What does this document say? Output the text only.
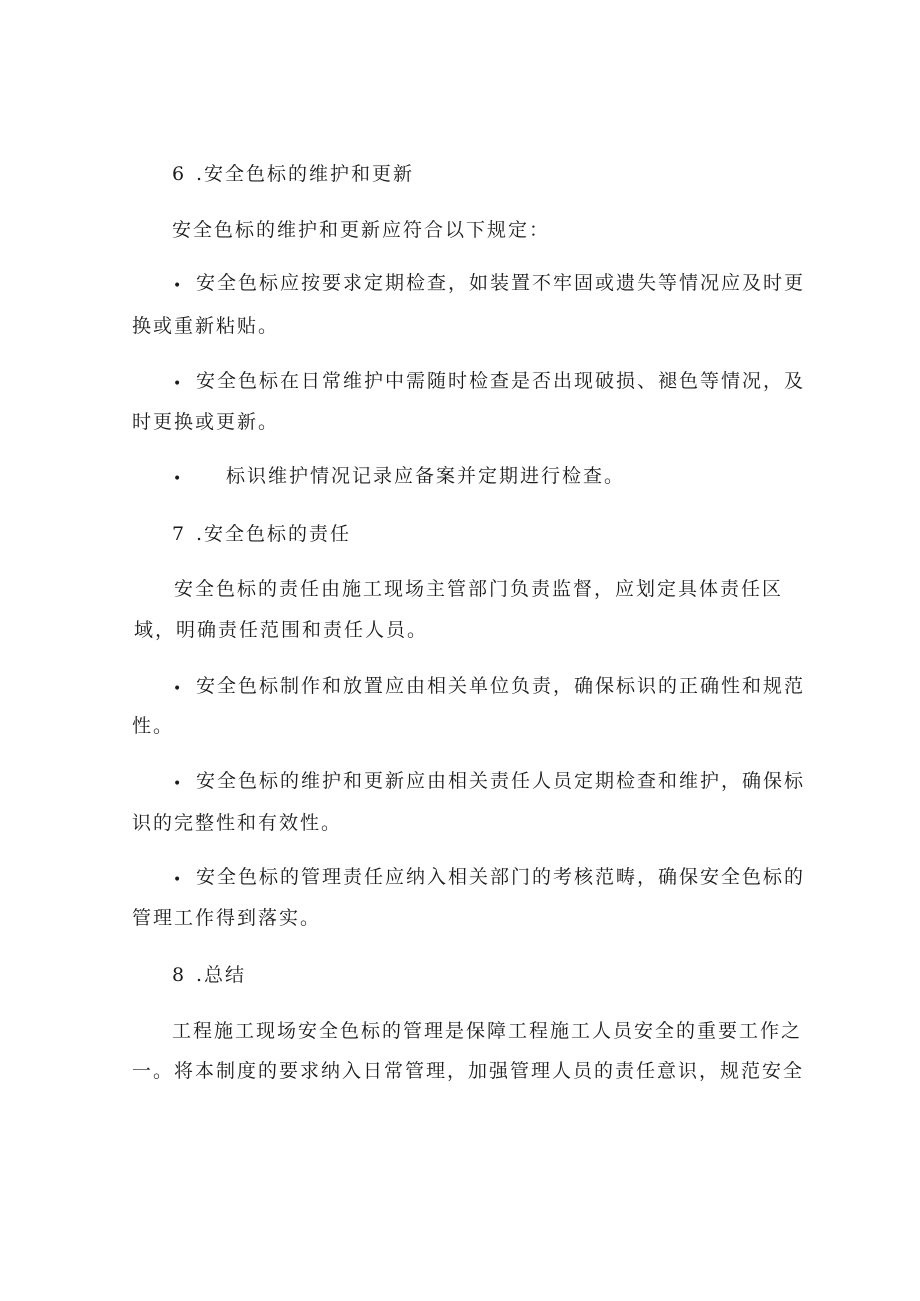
6 .安全色标的维护和更新
安全色标的维护和更新应符合以下规定：
• 安全色标应按要求定期检查，如装置不牢固或遗失等情况应及时更
换或重新粘贴。
• 安全色标在日常维护中需随时检查是否出现破损、褪色等情况，及
时更换或更新。
• 标识维护情况记录应备案并定期进行检查。
7 .安全色标的责任
安全色标的责任由施工现场主管部门负责监督，应划定具体责任区
域，明确责任范围和责任人员。
• 安全色标制作和放置应由相关单位负责，确保标识的正确性和规范
性。
• 安全色标的维护和更新应由相关责任人员定期检查和维护，确保标
识的完整性和有效性。
• 安全色标的管理责任应纳入相关部门的考核范畴，确保安全色标的
管理工作得到落实。
8 .总结
工程施工现场安全色标的管理是保障工程施工人员安全的重要工作之
一。将本制度的要求纳入日常管理，加强管理人员的责任意识，规范安全
